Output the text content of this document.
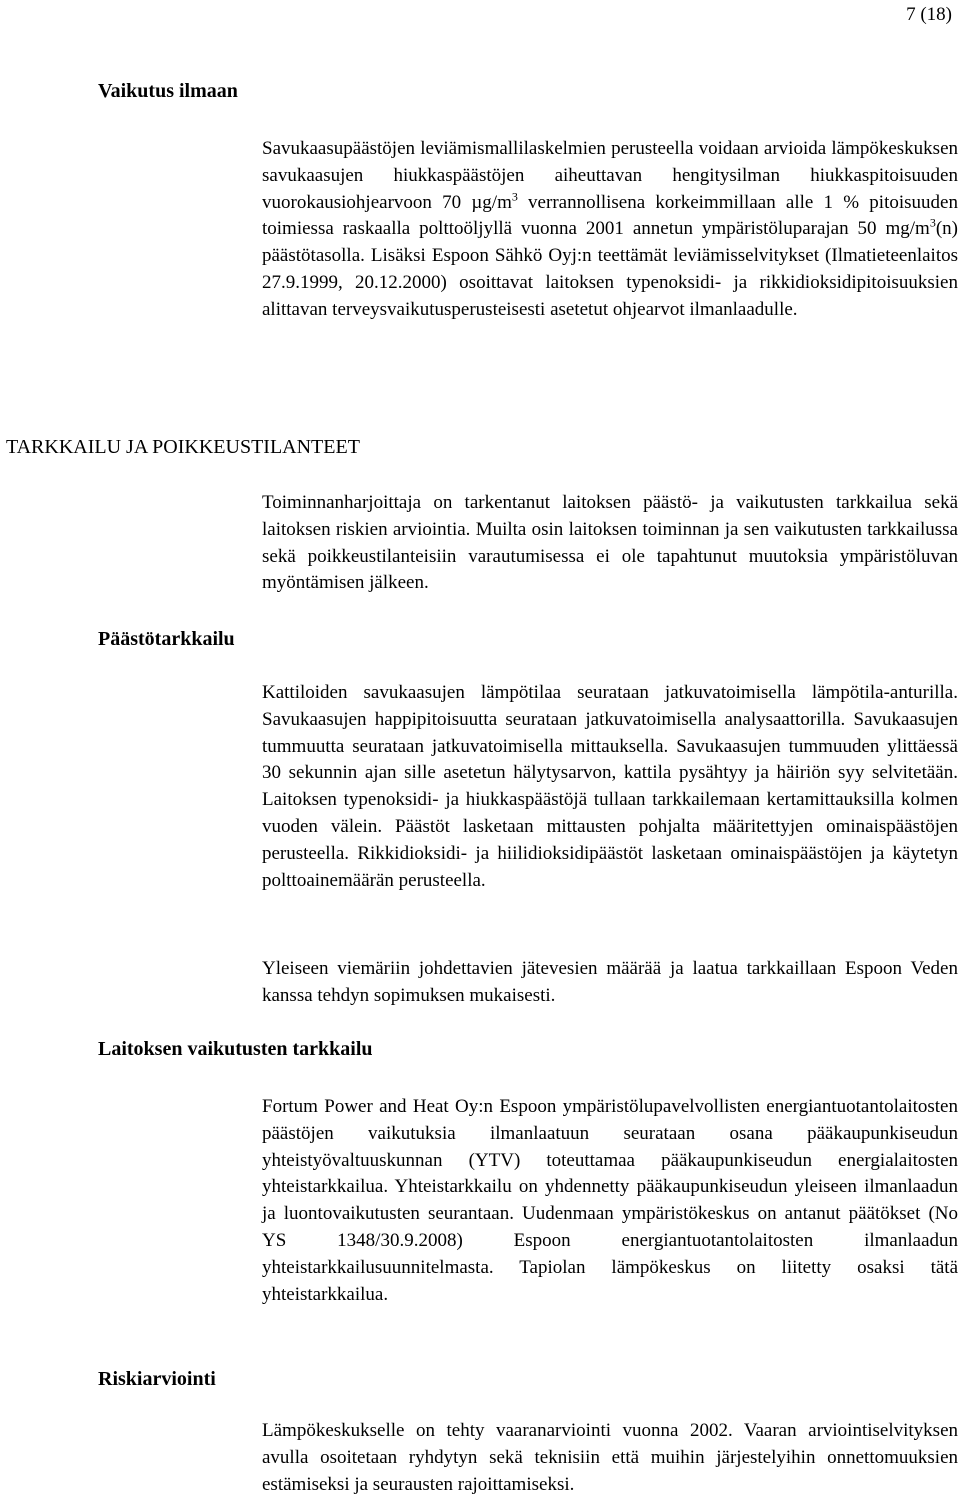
7 (18)
Vaikutus ilmaan

Savukaasupäästöjen leviämismallilaskelmien perusteella voidaan arvioida lämpökeskuksen savukaasujen hiukkaspäästöjen aiheuttavan hengitysilman hiukkaspitoisuuden vuorokausiohjearvoon 70 $\mu g/m^3$ verrannollisena korkeimmillaan alle 1 % pitoisuuden toimiessa raskaalla polttoöljyllä vuonna 2001 annetun ympäristöluparajan 50 $mg/m^3(n)$ päästötasolla. Lisäksi Espoon Sähkö Oyj:n teettämät leviämisselvitykset (Ilmatieteenlaitos 27.9.1999, 20.12.2000) osoittavat laitoksen typenoksidi- ja rikkidioksidipitoisuuksien alittavan terveysvaikutusperusteisesti asetetut ohjearvot ilmanlaadulle.

TARKKAILU JA POIKKEUSTILANTEET

Toiminnanharjoittaja on tarkentanut laitoksen päästö- ja vaikutusten tarkkailua sekä laitoksen riskien arviointia. Muilta osin laitoksen toiminnan ja sen vaikutusten tarkkailussa sekä poikkeustilanteisiin varautumisessa ei ole tapahtunut muutoksia ympäristöluvan myöntämisen jälkeen.

Päästötarkkailu

Kattiloiden savukaasujen lämpötilaa seurataan jatkuvatoimisella lämpötila-anturilla. Savukaasujen happipitoisuutta seurataan jatkuvatoimisella analysaattorilla. Savukaasujen tummuutta seurataan jatkuvatoimisella mittauksella. Savukaasujen tummuuden ylittäessä 30 sekunnin ajan sille asetetun hälytysarvon, kattila pysähtyy ja häiriön syy selvitetään. Laitoksen typenoksidi- ja hiukkaspäästöjä tullaan tarkkailemaan kertamittauksilla kolmen vuoden välein. Päästöt lasketaan mittausten pohjalta määritettyjen ominaispäästöjen perusteella. Rikkidioksidi- ja hiilidioksidipäästöt lasketaan ominaispäästöjen ja käytetyn polttoainemäärän perusteella.

Yleiseen viemäriin johdettavien jätevesien määrää ja laatua tarkkaillaan Espoon Veden kanssa tehdyn sopimuksen mukaisesti.

Laitoksen vaikutusten tarkkailu

Fortum Power and Heat Oy:n Espoon ympäristölupavelvollisten energiantuotantolaitosten päästöjen vaikutuksia ilmanlaatuun seurataan osana pääkaupunkiseudun yhteistyövaltuuskunnan (YTV) toteuttamaa pääkaupunkiseudun energialaitosten yhteistarkkailua. Yhteistarkkailu on yhdennetty pääkaupunkiseudun yleiseen ilmanlaadun ja luontovaikutusten seurantaan. Uudenmaan ympäristökeskus on antanut päätökset (No YS 1348/30.9.2008) Espoon energiantuotantolaitosten ilmanlaadun yhteistarkkailusuunnitelmasta. Tapiolan lämpökeskus on liitetty osaksi tätä yhteistarkkailua.

Riskiarviointi

Lämpökeskukselle on tehty vaaranarviointi vuonna 2002. Vaaran arviointiselvityksen avulla osoitetaan ryhdytyn sekä teknisiin että muihin järjestelyihin onnettomuuksien estämiseksi ja seurausten rajoittamiseksi.
